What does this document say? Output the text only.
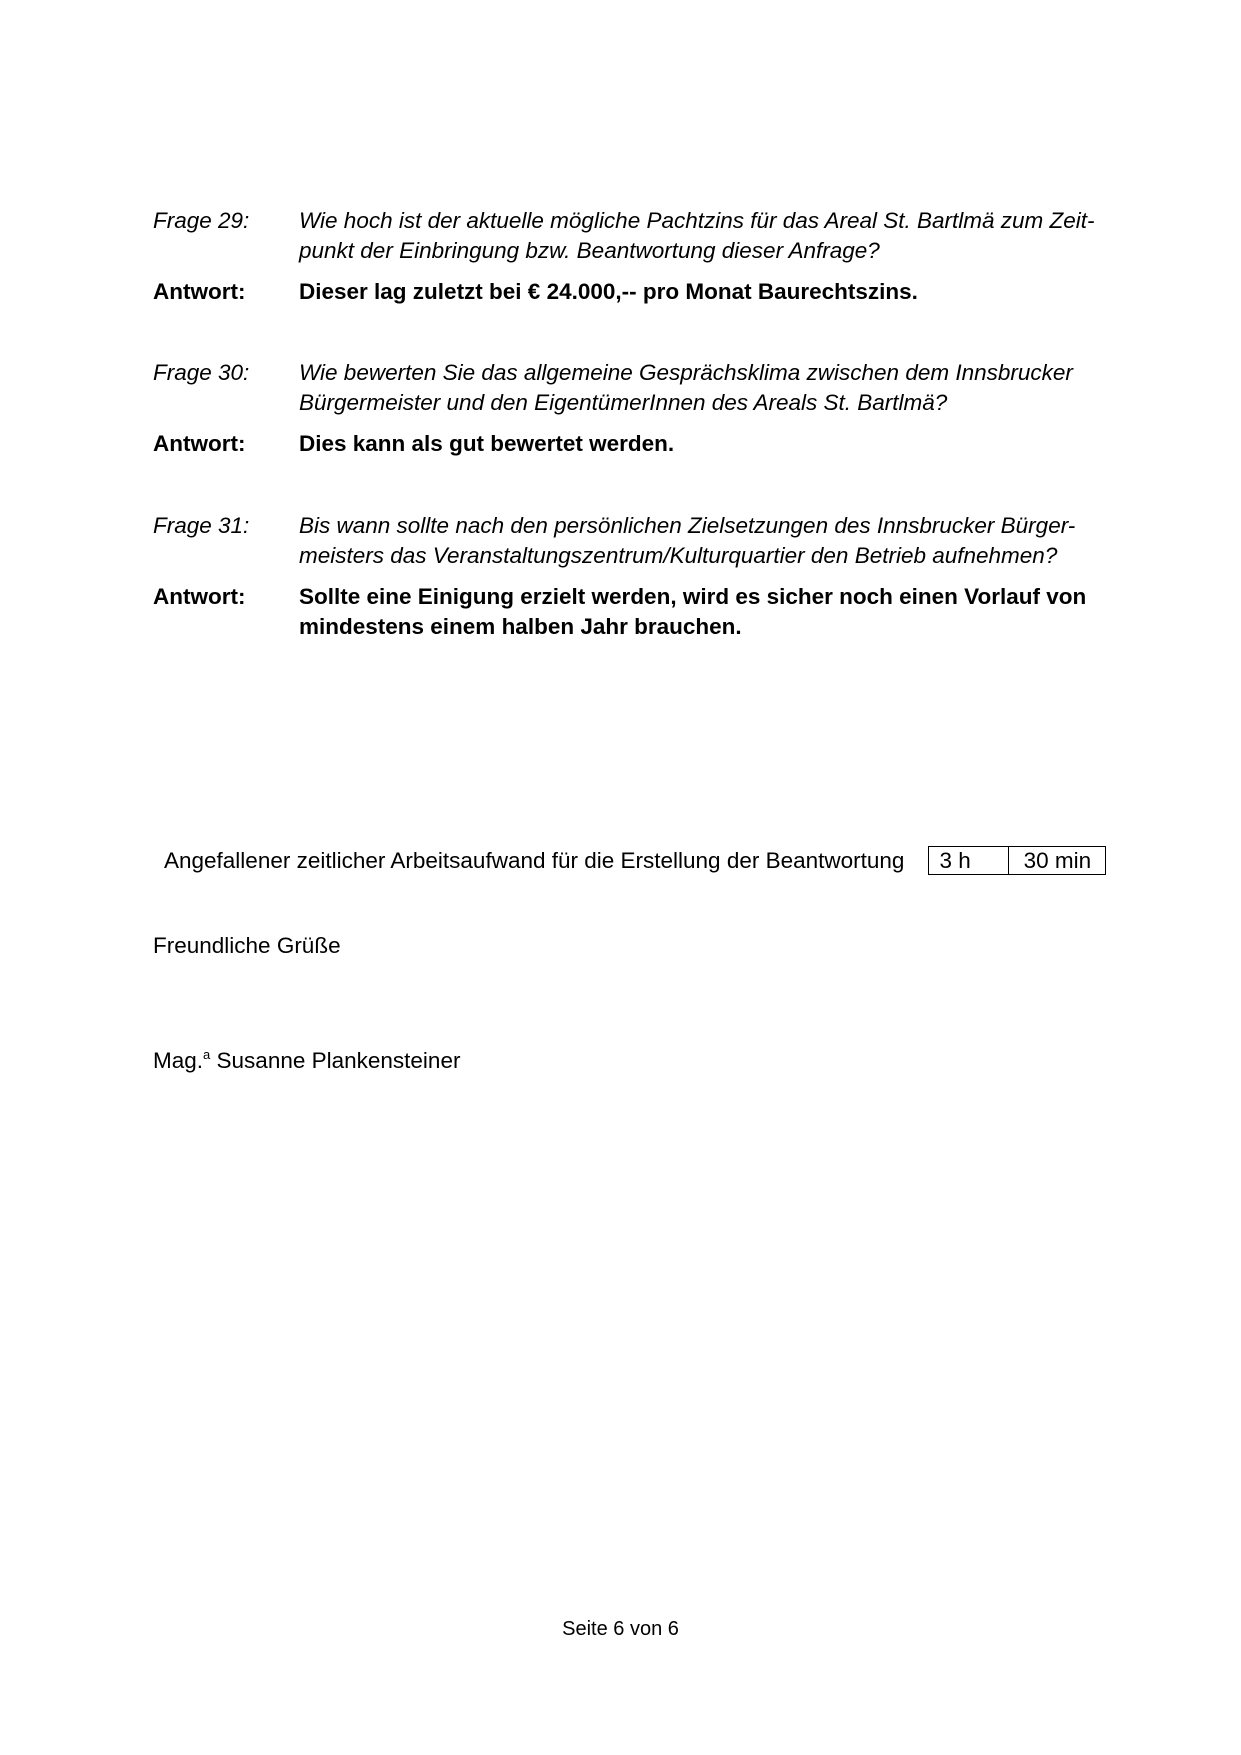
Frage 29:	Wie hoch ist der aktuelle mögliche Pachtzins für das Areal St. Bartlmä zum Zeit-
punkt der Einbringung bzw. Beantwortung dieser Anfrage?
Antwort:	Dieser lag zuletzt bei € 24.000,-- pro Monat Baurechtszins.
Frage 30:	Wie bewerten Sie das allgemeine Gesprächsklima zwischen dem Innsbrucker
Bürgermeister und den EigentümerInnen des Areals St. Bartlmä?
Antwort:	Dies kann als gut bewertet werden.
Frage 31:	Bis wann sollte nach den persönlichen Zielsetzungen des Innsbrucker Bürger-
meisters das Veranstaltungszentrum/Kulturquartier den Betrieb aufnehmen?
Antwort:	Sollte eine Einigung erzielt werden, wird es sicher noch einen Vorlauf von
mindestens einem halben Jahr brauchen.
Angefallener zeitlicher Arbeitsaufwand für die Erstellung der Beantwortung	3 h	30 min
Freundliche Grüße
Mag.$^a$ Susanne Plankensteiner
Seite 6 von 6
